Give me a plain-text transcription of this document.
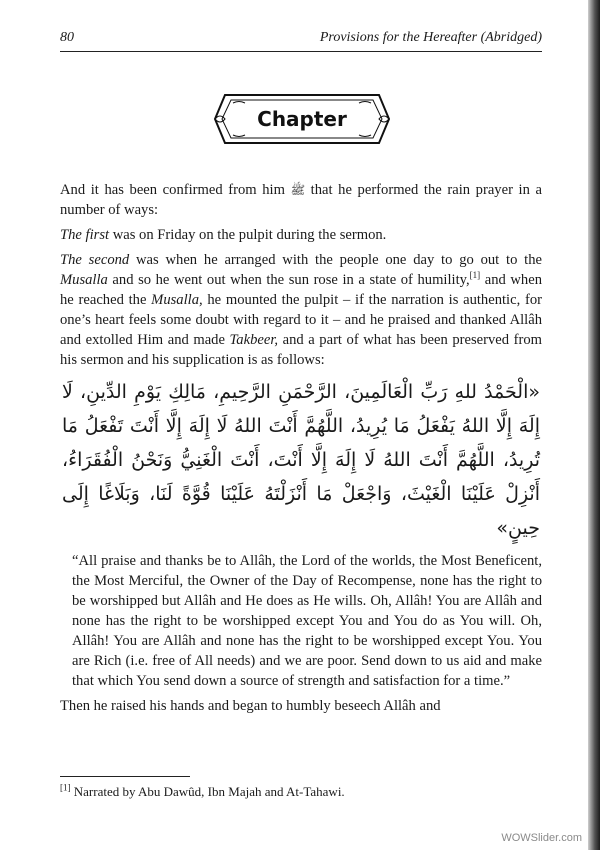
80	Provisions for the Hereafter (Abridged)
Chapter

And it has been confirmed from him ﷺ that he performed the rain prayer in a number of ways:

The first was on Friday on the pulpit during the sermon.

The second was when he arranged with the people one day to go out to the Musalla and so he went out when the sun rose in a state of humility,[1] and when he reached the Musalla, he mounted the pulpit – if the narration is authentic, for one’s heart feels some doubt with regard to it – and he praised and thanked Allâh and extolled Him and made Takbeer, and a part of what has been preserved from his sermon and his supplication is as follows:

«الْحَمْدُ للهِ رَبِّ الْعَالَمِينَ، الرَّحْمَنِ الرَّحِيمِ، مَالِكِ يَوْمِ الدِّينِ، لَا إِلَهَ إِلَّا اللهُ يَفْعَلُ مَا يُرِيدُ، اللَّهُمَّ أَنْتَ اللهُ لَا إِلَهَ إِلَّا أَنْتَ تَفْعَلُ مَا تُرِيدُ، اللَّهُمَّ أَنْتَ اللهُ لَا إِلَهَ إِلَّا أَنْتَ، أَنْتَ الْغَنِيُّ وَنَحْنُ الْفُقَرَاءُ، أَنْزِلْ عَلَيْنَا الْغَيْثَ، وَاجْعَلْ مَا أَنْزَلْتَهُ عَلَيْنَا قُوَّةً لَنَا، وَبَلَاغًا إِلَى حِينٍ»

“All praise and thanks be to Allâh, the Lord of the worlds, the Most Beneficent, the Most Merciful, the Owner of the Day of Recompense, none has the right to be worshipped but Allâh and He does as He wills. Oh, Allâh! You are Allâh and none has the right to be worshipped except You and You do as You will. Oh, Allâh! You are Allâh and none has the right to be worshipped except You. You are Rich (i.e. free of All needs) and we are poor. Send down to us aid and make that which You send down a source of strength and satisfaction for a time.”

Then he raised his hands and began to humbly beseech Allâh and

[1] Narrated by Abu Dawûd, Ibn Majah and At-Tahawi.
WOWSlider.com
